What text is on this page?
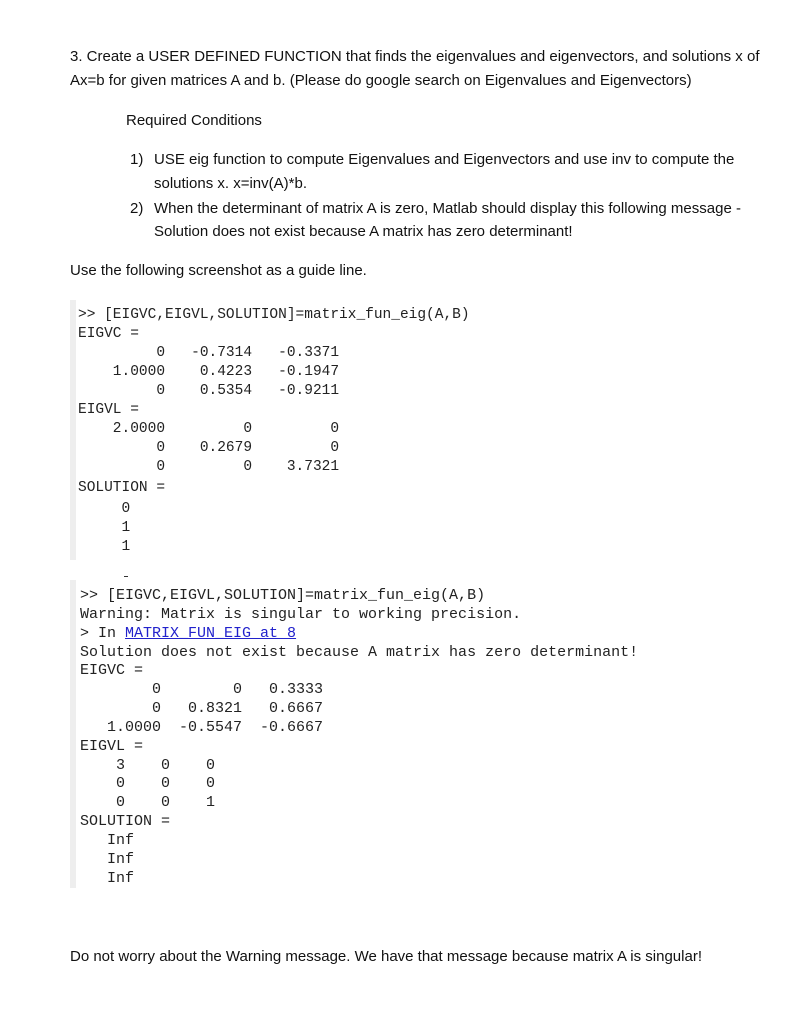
3. Create a USER DEFINED FUNCTION that finds the eigenvalues and eigenvectors, and solutions x of
Ax=b for given matrices A and b. (Please do google search on Eigenvalues and Eigenvectors)
Required Conditions
1) USE eig function to compute Eigenvalues and Eigenvectors and use inv to compute the
solutions x. x=inv(A)*b.
2) When the determinant of matrix A is zero, Matlab should display this following message -
Solution does not exist because A matrix has zero determinant!
Use the following screenshot as a guide line.
>> [EIGVC,EIGVL,SOLUTION]=matrix_fun_eig(A,B)
EIGVC =
0   -0.7314   -0.3371
1.0000    0.4223   -0.1947
0    0.5354   -0.9211
EIGVL =
2.0000         0         0
0    0.2679         0
0         0    3.7321
SOLUTION =
0
1
1
>> [EIGVC,EIGVL,SOLUTION]=matrix_fun_eig(A,B)
Warning: Matrix is singular to working precision.
> In MATRIX_FUN_EIG at 8
Solution does not exist because A matrix has zero determinant!
EIGVC =
0        0   0.3333
0   0.8321   0.6667
1.0000  -0.5547  -0.6667
EIGVL =
3    0    0
0    0    0
0    0    1
SOLUTION =
Inf
Inf
Inf
Do not worry about the Warning message. We have that message because matrix A is singular!
